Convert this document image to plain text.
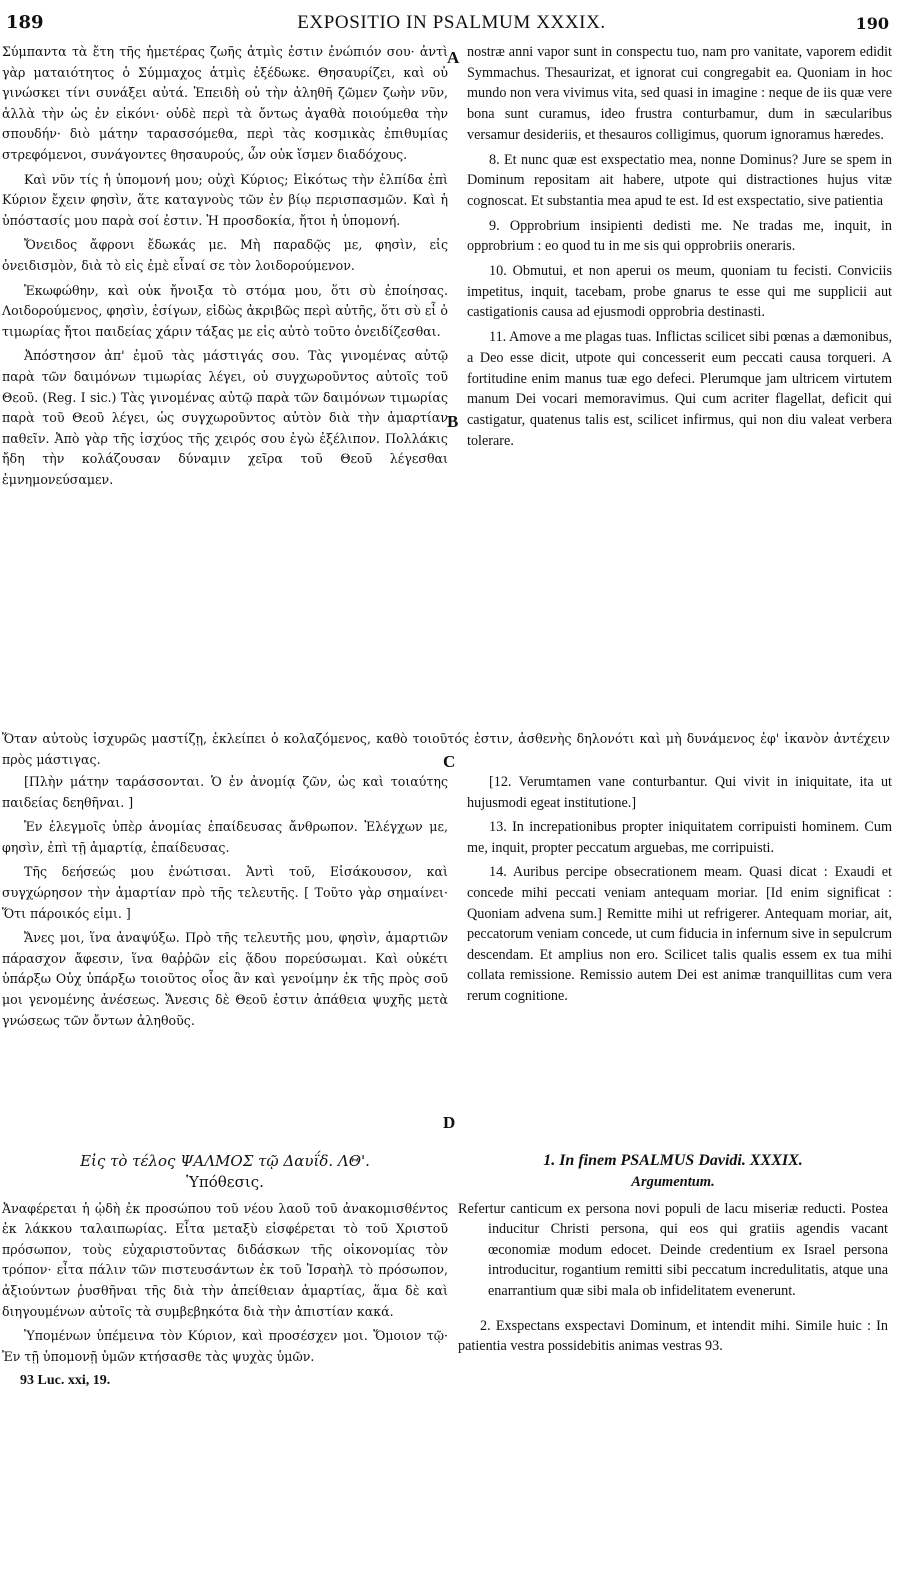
189	EXPOSITIO IN PSALMUM XXXIX.	190
A
B
C
D

Σύμπαντα τὰ ἔτη τῆς ἡμετέρας ζωῆς ἀτμὶς ἐστιν ἐνώπιόν σου· ἀντὶ γὰρ ματαιότητος ὁ Σύμμαχος ἀτμὶς ἐξέδωκε. Θησαυρίζει, καὶ οὐ γινώσκει τίνι συνάξει αὐτά. Ἐπειδὴ οὐ τὴν ἀληθῆ ζῶμεν ζωὴν νῦν, ἀλλὰ τὴν ὡς ἐν εἰκόνι· οὐδὲ περὶ τὰ ὄντως ἀγαθὰ ποιούμεθα τὴν σπουδήν· διὸ μάτην ταρασσόμεθα, περὶ τὰς κοσμικὰς ἐπιθυμίας στρεφόμενοι, συνάγοντες θησαυρούς, ὧν οὐκ ἴσμεν διαδόχους.

Καὶ νῦν τίς ἡ ὑπομονή μου; οὐχὶ Κύριος; Εἰκότως τὴν ἐλπίδα ἐπὶ Κύριον ἔχειν φησὶν, ἅτε καταγνοὺς τῶν ἐν βίῳ περισπασμῶν. Καὶ ἡ ὑπόστασίς μου παρὰ σοί ἐστιν. Ἡ προσδοκία, ἤτοι ἡ ὑπομονή.

Ὄνειδος ἄφρονι ἔδωκάς με. Μὴ παραδῷς με, φησὶν, εἰς ὀνειδισμὸν, διὰ τὸ εἰς ἐμὲ εἶναί σε τὸν λοιδορούμενον.

Ἐκωφώθην, καὶ οὐκ ἤνοιξα τὸ στόμα μου, ὅτι σὺ ἐποίησας. Λοιδορούμενος, φησὶν, ἐσίγων, εἰδὼς ἀκριβῶς περὶ αὐτῆς, ὅτι σὺ εἶ ὁ τιμωρίας ἤτοι παιδείας χάριν τάξας με εἰς αὐτὸ τοῦτο ὀνειδίζεσθαι.

Ἀπόστησον ἀπ' ἐμοῦ τὰς μάστιγάς σου. Τὰς γινομένας αὐτῷ παρὰ τῶν δαιμόνων τιμωρίας λέγει, οὐ συγχωροῦντος αὐτοῖς τοῦ Θεοῦ. (Reg. I sic.) Τὰς γινομένας αὐτῷ παρὰ τῶν δαιμόνων τιμωρίας παρὰ τοῦ Θεοῦ λέγει, ὡς συγχωροῦντος αὐτὸν διὰ τὴν ἁμαρτίαν παθεῖν. Ἀπὸ γὰρ τῆς ἰσχύος τῆς χειρός σου ἐγὼ ἐξέλιπον. Πολλάκις ἤδη τὴν κολάζουσαν δύναμιν χεῖρα τοῦ Θεοῦ λέγεσθαι ἐμνημονεύσαμεν.

nostræ anni vapor sunt in conspectu tuo, nam pro vanitate, vaporem edidit Symmachus. Thesaurizat, et ignorat cui congregabit ea. Quoniam in hoc mundo non vera vivimus vita, sed quasi in imagine : neque de iis quæ vere bona sunt curamus, ideo frustra conturbamur, dum in sæcularibus versamur desideriis, et thesauros colligimus, quorum ignoramus hæredes.

8. Et nunc quæ est exspectatio mea, nonne Dominus? Jure se spem in Dominum repositam ait habere, utpote qui distractiones hujus vitæ cognoscat. Et substantia mea apud te est. Id est exspectatio, sive patientia

9. Opprobrium insipienti dedisti me. Ne tradas me, inquit, in opprobrium : eo quod tu in me sis qui opprobriis oneraris.

10. Obmutui, et non aperui os meum, quoniam tu fecisti. Conviciis impetitus, inquit, tacebam, probe gnarus te esse qui me supplicii aut castigationis causa ad ejusmodi opprobria destinasti.

11. Amove a me plagas tuas. Inflictas scilicet sibi pœnas a dæmonibus, a Deo esse dicit, utpote qui concesserit eum peccati causa torqueri. A fortitudine enim manus tuæ ego defeci. Plerumque jam ultricem virtutem manum Dei vocari memoravimus. Qui cum acriter flagellat, deficit qui castigatur, quatenus talis est, scilicet infirmus, qui non diu valeat verbera tolerare.

Ὅταν αὐτοὺς ἰσχυρῶς μαστίζῃ, ἐκλείπει ὁ κολαζόμενος, καθὸ τοιοῦτός ἐστιν, ἀσθενὴς δηλονότι καὶ μὴ δυνάμενος ἐφ' ἱκανὸν ἀντέχειν πρὸς μάστιγας.

[Πλὴν μάτην ταράσσονται. Ὁ ἐν ἀνομίᾳ ζῶν, ὡς καὶ τοιαύτης παιδείας δεηθῆναι. ]

Ἐν ἐλεγμοῖς ὑπὲρ ἀνομίας ἐπαίδευσας ἄνθρωπον. Ἐλέγχων με, φησὶν, ἐπὶ τῇ ἁμαρτίᾳ, ἐπαίδευσας.

Τῆς δεήσεώς μου ἐνώτισαι. Ἀντὶ τοῦ, Εἰσάκουσον, καὶ συγχώρησον τὴν ἁμαρτίαν πρὸ τῆς τελευτῆς. [ Τοῦτο γὰρ σημαίνει· Ὅτι πάροικός εἰμι. ]

Ἄνες μοι, ἵνα ἀναψύξω. Πρὸ τῆς τελευτῆς μου, φησὶν, ἁμαρτιῶν πάρασχον ἄφεσιν, ἵνα θαῤῥῶν εἰς ᾅδου πορεύσωμαι. Καὶ οὐκέτι ὑπάρξω Οὐχ ὑπάρξω τοιοῦτος οἷος ἂν καὶ γενοίμην ἐκ τῆς πρὸς σοῦ μοι γενομένης ἀνέσεως. Ἄνεσις δὲ Θεοῦ ἐστιν ἀπάθεια ψυχῆς μετὰ γνώσεως τῶν ὄντων ἀληθοῦς.

[12. Verumtamen vane conturbantur. Qui vivit in iniquitate, ita ut hujusmodi egeat institutione.]

13. In increpationibus propter iniquitatem corripuisti hominem. Cum me, inquit, propter peccatum arguebas, me corripuisti.

14. Auribus percipe obsecrationem meam. Quasi dicat : Exaudi et concede mihi peccati veniam antequam moriar. [Id enim significat : Quoniam advena sum.] Remitte mihi ut refrigerer. Antequam moriar, ait, peccatorum veniam concede, ut cum fiducia in infernum sive in sepulcrum descendam. Et amplius non ero. Scilicet talis qualis essem ex tua mihi collata remissione. Remissio autem Dei est animæ tranquillitas cum vera rerum cognitione.

Εἰς τὸ τέλος ΨΑΛΜΟΣ τῷ Δαυΐδ. ΛΘ'.

Ὑπόθεσις.

Ἀναφέρεται ἡ ᾠδὴ ἐκ προσώπου τοῦ νέου λαοῦ τοῦ ἀνακομισθέντος ἐκ λάκκου ταλαιπωρίας. Εἶτα μεταξὺ εἰσφέρεται τὸ τοῦ Χριστοῦ πρόσωπον, τοὺς εὐχαριστοῦντας διδάσκων τῆς οἰκονομίας τὸν τρόπον· εἶτα πάλιν τῶν πιστευσάντων ἐκ τοῦ Ἰσραὴλ τὸ πρόσωπον, ἀξιούντων ῥυσθῆναι τῆς διὰ τὴν ἀπείθειαν ἁμαρτίας, ἅμα δὲ καὶ διηγουμένων αὐτοῖς τὰ συμβεβηκότα διὰ τὴν ἀπιστίαν κακά.

Ὑπομένων ὑπέμεινα τὸν Κύριον, καὶ προσέσχεν μοι. Ὅμοιον τῷ· Ἐν τῇ ὑπομονῇ ὑμῶν κτήσασθε τὰς ψυχὰς ὑμῶν.

93 Luc. xxi, 19.

1. In finem PSALMUS Davidi. XXXIX.

Argumentum.

Refertur canticum ex persona novi populi de lacu miseriæ reducti. Postea inducitur Christi persona, qui eos qui gratiis agendis vacant œconomiæ modum edocet. Deinde credentium ex Israel persona introducitur, rogantium remitti sibi peccatum incredulitatis, atque una enarrantium quæ sibi mala ob infidelitatem evenerunt.

2. Exspectans exspectavi Dominum, et intendit mihi. Simile huic : In patientia vestra possidebitis animas vestras 93.
